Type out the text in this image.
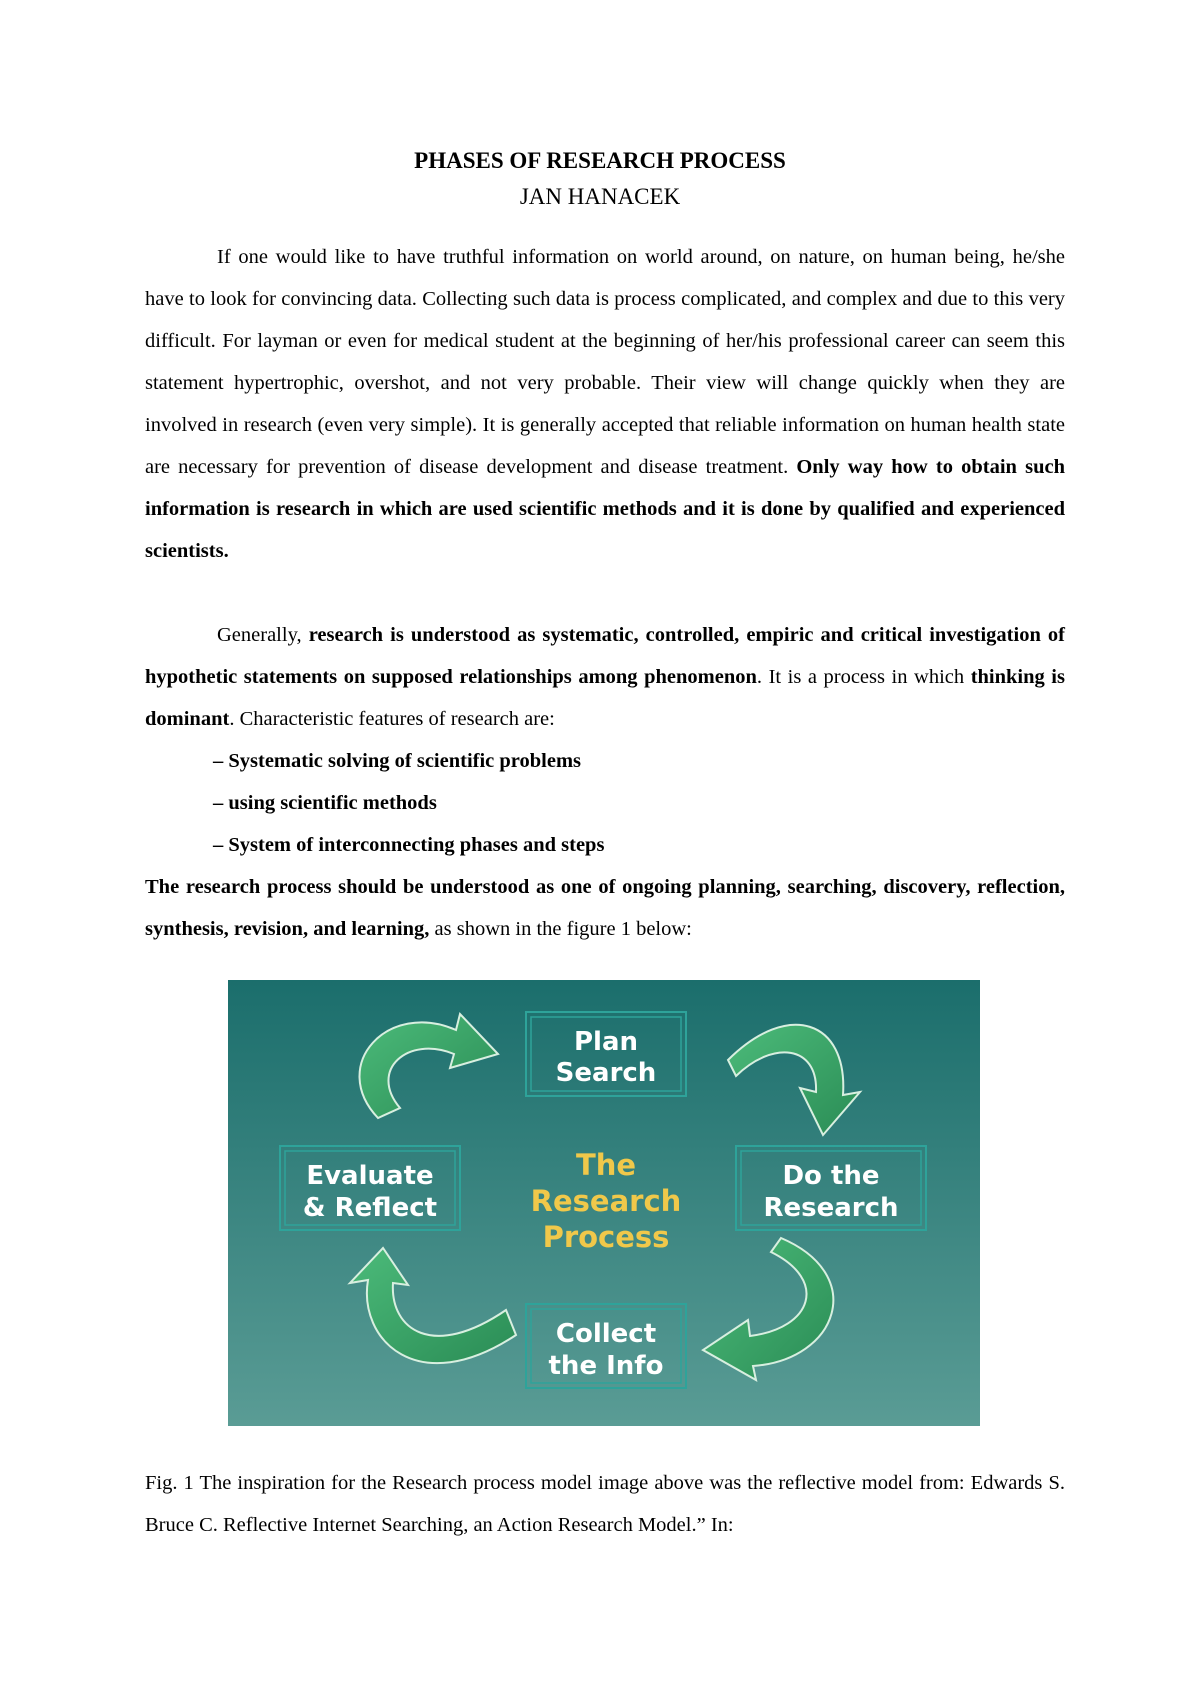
PHASES OF RESEARCH PROCESS
JAN HANACEK
If one would like to have truthful information on world around, on nature, on human being, he/she have to look for convincing data. Collecting such data is process complicated, and complex and due to this very difficult. For layman or even for medical student at the beginning of her/his professional career can seem this statement hypertrophic, overshot, and not very probable. Their view will change quickly when they are involved in research (even very simple). It is generally accepted that reliable information on human health state are necessary for prevention of disease development and disease treatment. Only way how to obtain such information is research in which are used scientific methods and it is done by qualified and experienced scientists.
Generally, research is understood as systematic, controlled, empiric and critical investigation of hypothetic statements on supposed relationships among phenomenon. It is a process in which thinking is dominant. Characteristic features of research are:
– Systematic solving of scientific problems
– using scientific methods
– System of interconnecting phases and steps
The research process should be understood as one of ongoing planning, searching, discovery, reflection, synthesis, revision, and learning, as shown in the figure 1 below:
Plan
Search
Do the
Research
Collect
the Info
Evaluate
& Reflect
The
Research
Process
Fig. 1 The inspiration for the Research process model image above was the reflective model from: Edwards S. Bruce C. Reflective Internet Searching, an Action Research Model.” In:
